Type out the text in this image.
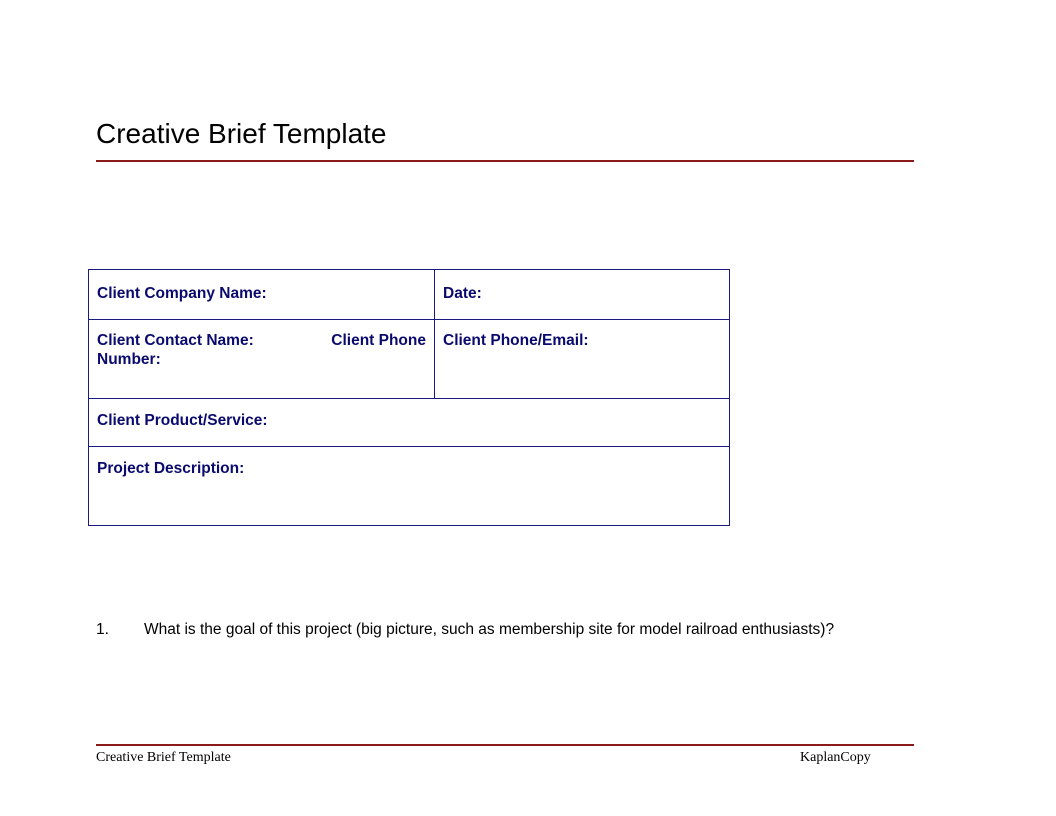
Creative Brief Template
Client Company Name:	Date:

Client Contact Name: Client Phone
Number:	Client Phone/Email:

Client Product/Service:	

Project Description:	
1. What is the goal of this project (big picture, such as membership site for model railroad enthusiasts)?
Creative Brief Template	KaplanCopy
